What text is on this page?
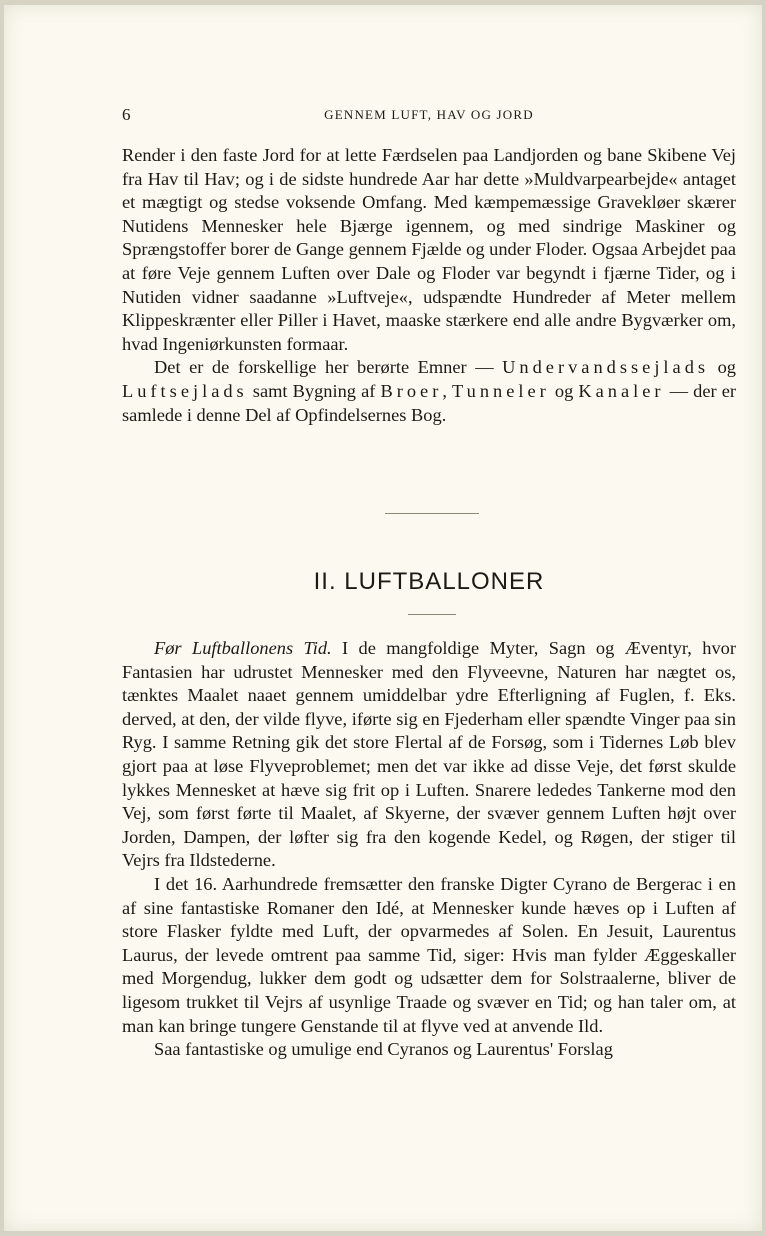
6	GENNEM LUFT, HAV OG JORD

Render i den faste Jord for at lette Færdselen paa Landjorden og bane Skibene Vej fra Hav til Hav; og i de sidste hundrede Aar har dette »Muldvarpearbejde« antaget et mægtigt og stedse voksende Omfang. Med kæmpemæssige Gravekløer skærer Nutidens Mennesker hele Bjærge igennem, og med sindrige Maskiner og Sprængstoffer borer de Gange gennem Fjælde og under Floder. Ogsaa Arbejdet paa at føre Veje gennem Luften over Dale og Floder var begyndt i fjærne Tider, og i Nutiden vidner saadanne »Luftveje«, udspændte Hundreder af Meter mellem Klippeskrænter eller Piller i Havet, maaske stærkere end alle andre Bygværker om, hvad Ingeniørkunsten formaar.

Det er de forskellige her berørte Emner — Undervandssejlads og Luftsejlads samt Bygning af Broer, Tunneler og Kanaler — der er samlede i denne Del af Opfindelsernes Bog.

II. LUFTBALLONER

Før Luftballonens Tid. I de mangfoldige Myter, Sagn og Æventyr, hvor Fantasien har udrustet Mennesker med den Flyveevne, Naturen har nægtet os, tænktes Maalet naaet gennem umiddelbar ydre Efterligning af Fuglen, f. Eks. derved, at den, der vilde flyve, iførte sig en Fjederham eller spændte Vinger paa sin Ryg. I samme Retning gik det store Flertal af de Forsøg, som i Tidernes Løb blev gjort paa at løse Flyveproblemet; men det var ikke ad disse Veje, det først skulde lykkes Mennesket at hæve sig frit op i Luften. Snarere lededes Tankerne mod den Vej, som først førte til Maalet, af Skyerne, der svæver gennem Luften højt over Jorden, Dampen, der løfter sig fra den kogende Kedel, og Røgen, der stiger til Vejrs fra Ildstederne.

I det 16. Aarhundrede fremsætter den franske Digter Cyrano de Bergerac i en af sine fantastiske Romaner den Idé, at Mennesker kunde hæves op i Luften af store Flasker fyldte med Luft, der opvarmedes af Solen. En Jesuit, Laurentus Laurus, der levede omtrent paa samme Tid, siger: Hvis man fylder Æggeskaller med Morgendug, lukker dem godt og udsætter dem for Solstraalerne, bliver de ligesom trukket til Vejrs af usynlige Traade og svæver en Tid; og han taler om, at man kan bringe tungere Genstande til at flyve ved at anvende Ild.

Saa fantastiske og umulige end Cyranos og Laurentus' Forslag
